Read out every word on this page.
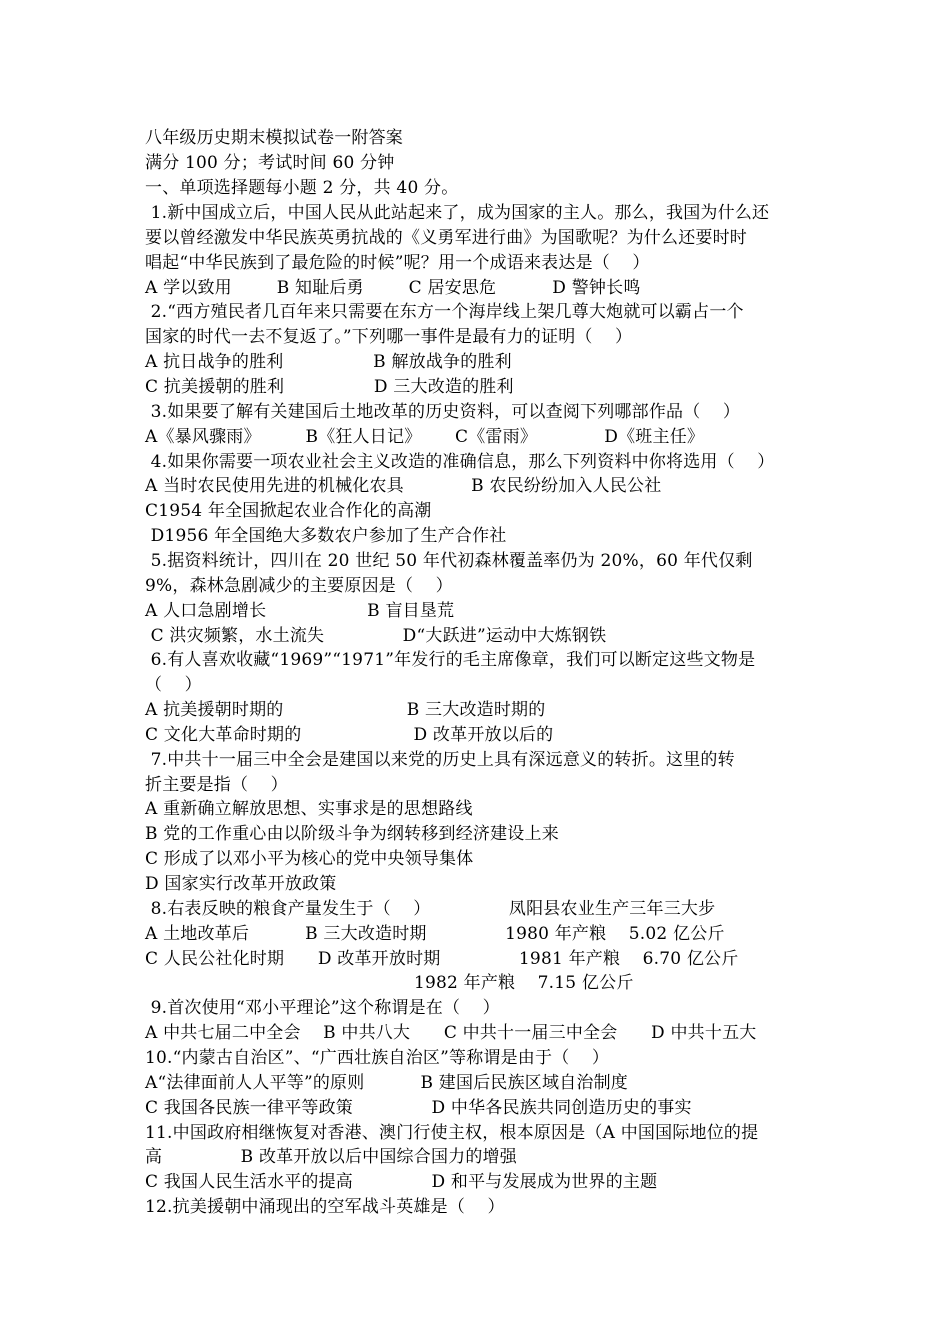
八年级历史期末模拟试卷一附答案
满分 100 分；考试时间 60 分钟
一、单项选择题每小题 2 分，共 40 分。
1.新中国成立后，中国人民从此站起来了，成为国家的主人。那么，我国为什么还
要以曾经激发中华民族英勇抗战的《义勇军进行曲》为国歌呢？为什么还要时时
唱起“中华民族到了最危险的时候”呢？用一个成语来表达是（    ）
A 学以致用        B 知耻后勇        C 居安思危          D 警钟长鸣
2.“西方殖民者几百年来只需要在东方一个海岸线上架几尊大炮就可以霸占一个
国家的时代一去不复返了。”下列哪一事件是最有力的证明（    ）
A 抗日战争的胜利                B 解放战争的胜利
C 抗美援朝的胜利                D 三大改造的胜利
3.如果要了解有关建国后土地改革的历史资料，可以查阅下列哪部作品（    ）
A《暴风骤雨》        B《狂人日记》      C《雷雨》            D《班主任》
4.如果你需要一项农业社会主义改造的准确信息，那么下列资料中你将选用（    ）
A 当时农民使用先进的机械化农具            B 农民纷纷加入人民公社
C1954 年全国掀起农业合作化的高潮
D1956 年全国绝大多数农户参加了生产合作社
5.据资料统计，四川在 20 世纪 50 年代初森林覆盖率仍为 20%，60 年代仅剩
9%，森林急剧减少的主要原因是（    ）
A 人口急剧增长                  B 盲目垦荒
C 洪灾频繁，水土流失              D“大跃进”运动中大炼钢铁
6.有人喜欢收藏“1969”“1971”年发行的毛主席像章，我们可以断定这些文物是
（    ）
A 抗美援朝时期的                      B 三大改造时期的
C 文化大革命时期的                    D 改革开放以后的
7.中共十一届三中全会是建国以来党的历史上具有深远意义的转折。这里的转
折主要是指（    ）
A 重新确立解放思想、实事求是的思想路线
B 党的工作重心由以阶级斗争为纲转移到经济建设上来
C 形成了以邓小平为核心的党中央领导集体
D 国家实行改革开放政策
8.右表反映的粮食产量发生于（    ）              凤阳县农业生产三年三大步
A 土地改革后          B 三大改造时期              1980 年产粮    5.02 亿公斤
C 人民公社化时期      D 改革开放时期              1981 年产粮    6.70 亿公斤
1982 年产粮    7.15 亿公斤
9.首次使用“邓小平理论”这个称谓是在（    ）
A 中共七届二中全会    B 中共八大      C 中共十一届三中全会      D 中共十五大
10.“内蒙古自治区”、“广西壮族自治区”等称谓是由于（    ）
A“法律面前人人平等”的原则          B 建国后民族区域自治制度
C 我国各民族一律平等政策              D 中华各民族共同创造历史的事实
11.中国政府相继恢复对香港、澳门行使主权，根本原因是（A 中国国际地位的提
高              B 改革开放以后中国综合国力的增强
C 我国人民生活水平的提高              D 和平与发展成为世界的主题
12.抗美援朝中涌现出的空军战斗英雄是（    ）
